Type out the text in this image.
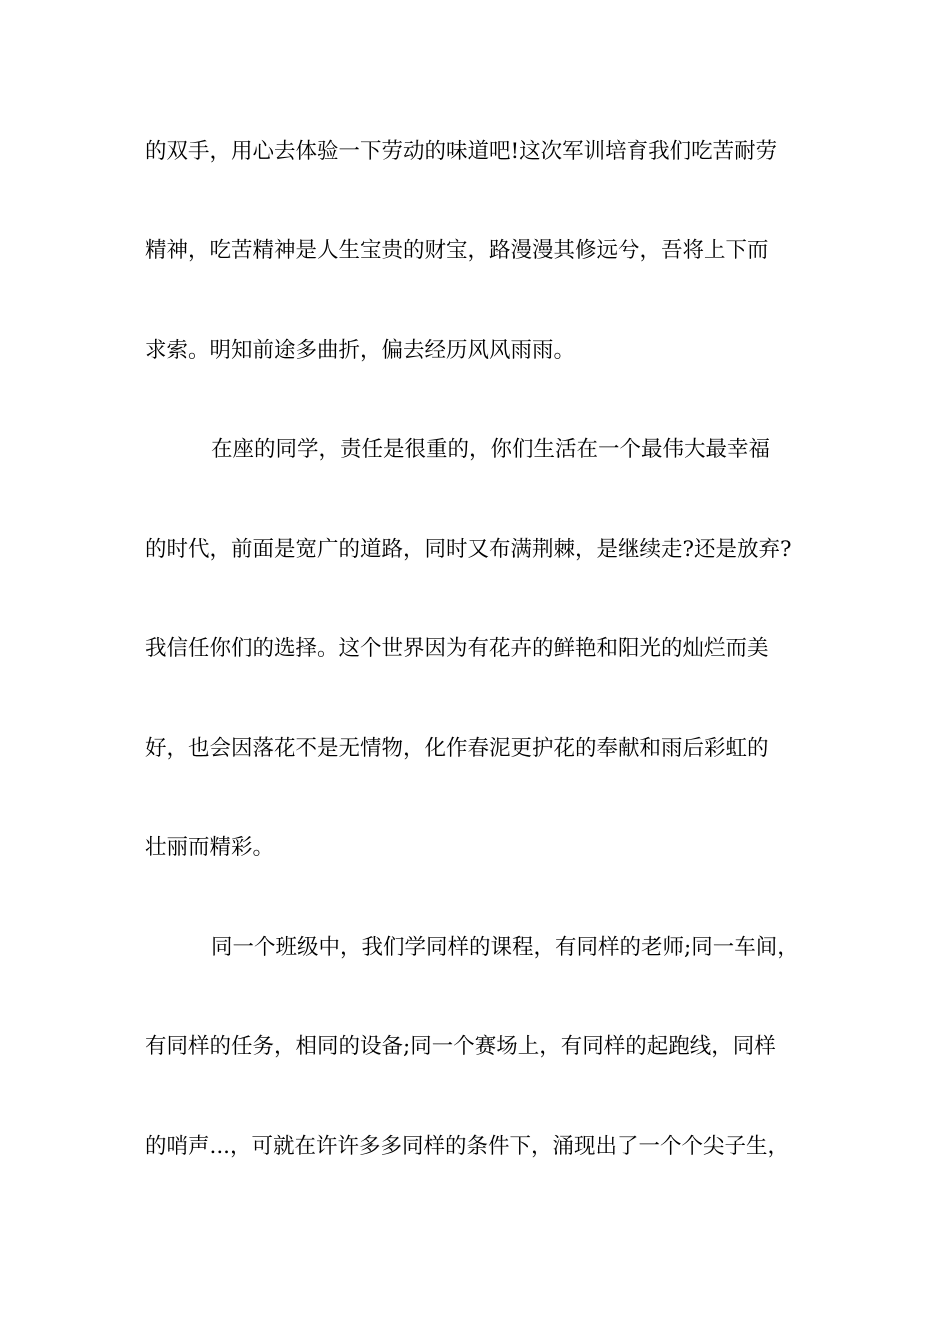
的双手，用心去体验一下劳动的味道吧!这次军训培育我们吃苦耐劳
精神，吃苦精神是人生宝贵的财宝，路漫漫其修远兮，吾将上下而
求索。明知前途多曲折，偏去经历风风雨雨。
在座的同学，责任是很重的，你们生活在一个最伟大最幸福
的时代，前面是宽广的道路，同时又布满荆棘，是继续走?还是放弃?
我信任你们的选择。这个世界因为有花卉的鲜艳和阳光的灿烂而美
好，也会因落花不是无情物，化作春泥更护花的奉献和雨后彩虹的
壮丽而精彩。
同一个班级中，我们学同样的课程，有同样的老师;同一车间，
有同样的任务，相同的设备;同一个赛场上，有同样的起跑线，同样
的哨声...，可就在许许多多同样的条件下，涌现出了一个个尖子生，
